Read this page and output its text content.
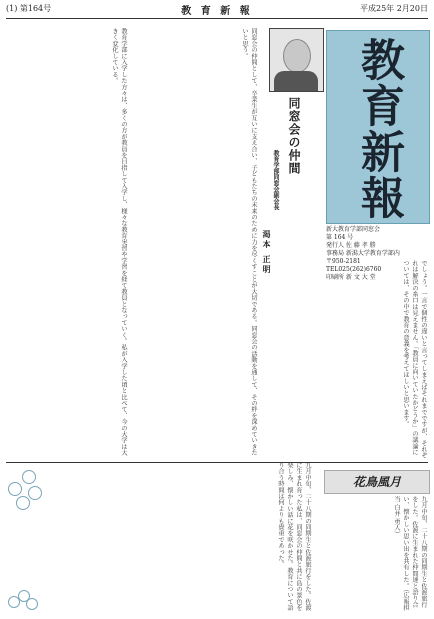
(1) 第164号	教 育 新 報	平成25年 2月20日
教育学部に入学した方々は、多くの方が教員を目指して入学し、様々な教育実習や学習を経て教員となっていく。私が入学した頃と比べて、今の大学は大きく変化している。	同窓会の仲間として、卒業生が互いに支え合い、子どもたちの未来のために力を尽くすことが大切である。同窓会の活動を通して、その絆を深めていきたいと思う。
同窓会の仲間
教育学部同窓会副会長
渇本 正明
教育新報
新大教育学部同窓会
第 164 号
発行人 佐 藤 孝 勝
事務局 新潟大学教育学部内
〒950-2181
TEL025(262)6760
印刷所 新 文 大 堂	でしょう。一言で個性の違いと言ってしまえばそれまでですが、それぞれは解決の糸口は見えません。「教員に向いていたかどうか」の議論については、その中で教育の意義を考えてほしいと思います。
九月中旬、二十八期の同期生と佐渡旅行をした。佐渡に生まれ育った私は、同窓会の仲間と共に島の景色を楽しみ、懐かしい話に花を咲かせた。教育について語り合う時間は何よりも貴重であった。	花鳥風月
九月中旬、二十八期の同期生と佐渡旅行をした。佐渡に生まれた仲間達と語り合い、懐かしい思い出を共有した。（広報担当 白井 勇人）
